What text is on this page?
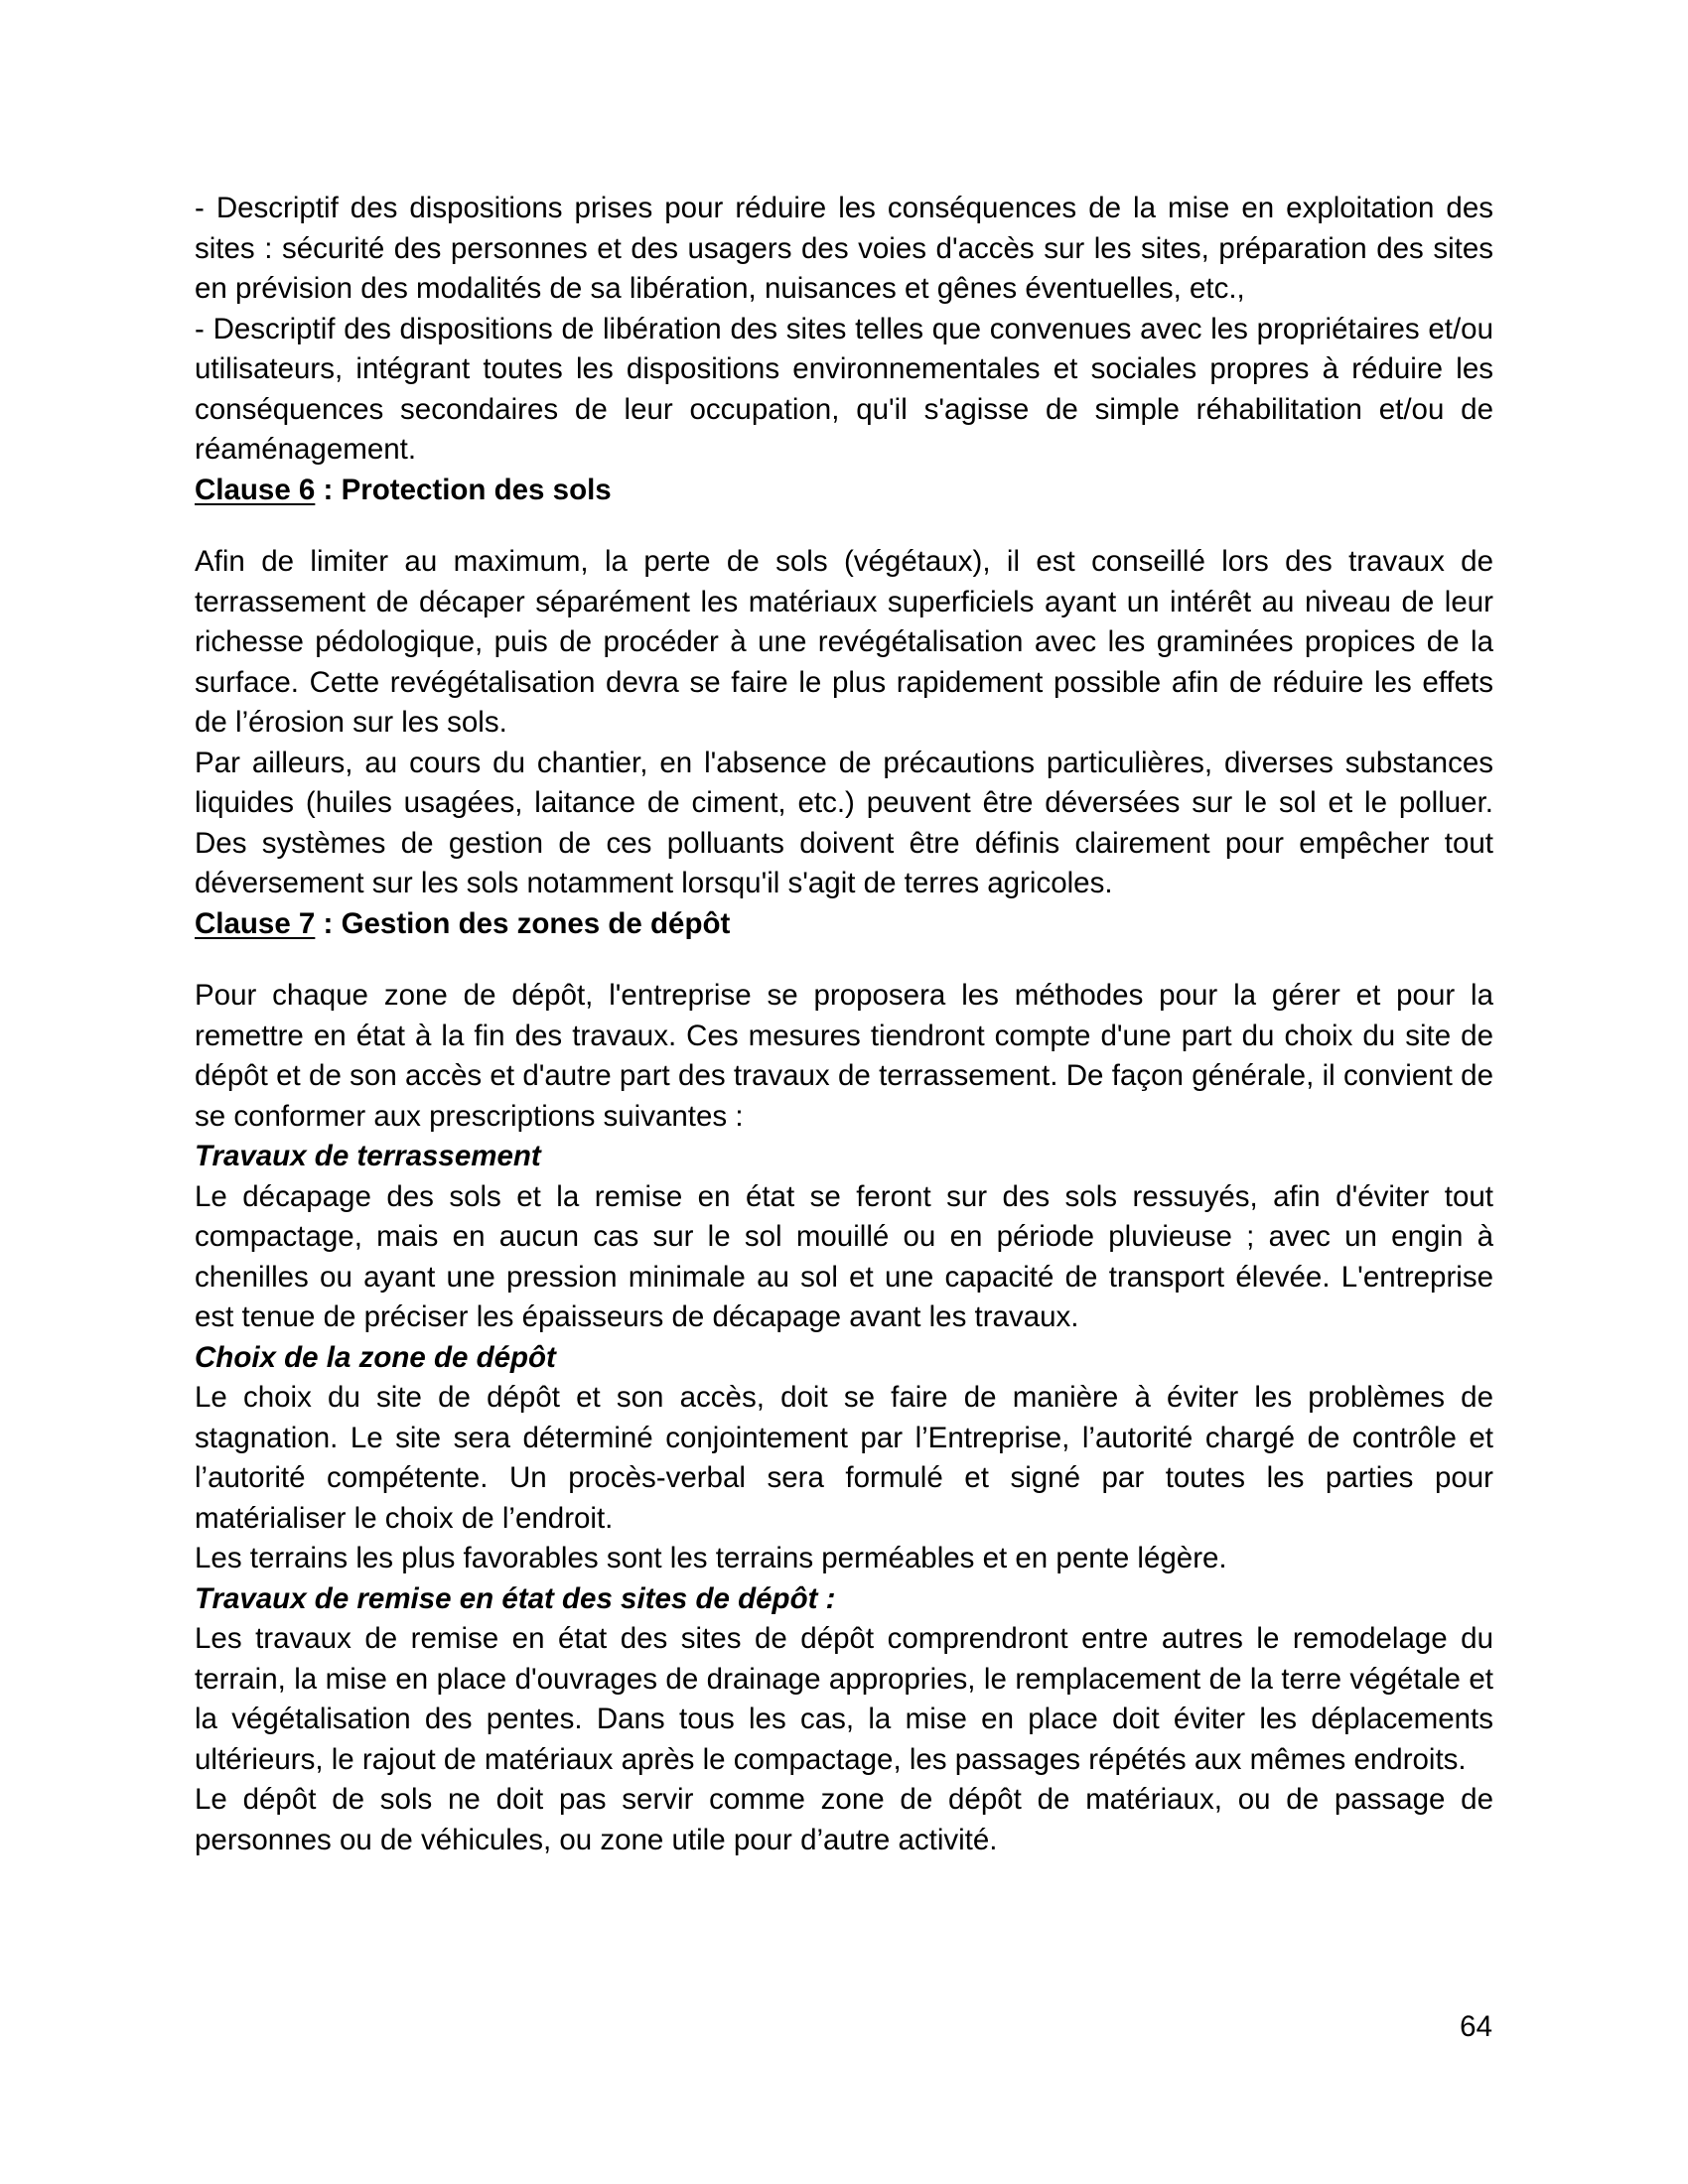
- Descriptif des dispositions prises pour réduire les conséquences de la mise en exploitation des sites : sécurité des personnes et des usagers des voies d'accès sur les sites, préparation des sites en prévision des modalités de sa libération, nuisances et gênes éventuelles, etc.,

- Descriptif des dispositions de libération des sites telles que convenues avec les propriétaires et/ou utilisateurs, intégrant toutes les dispositions environnementales et sociales propres à réduire les conséquences secondaires de leur occupation, qu'il s'agisse de simple réhabilitation et/ou de réaménagement.

Clause 6 : Protection des sols

Afin de limiter au maximum, la perte de sols (végétaux), il est conseillé lors des travaux de terrassement de décaper séparément les matériaux superficiels ayant un intérêt au niveau de leur richesse pédologique, puis de procéder à une revégétalisation avec les graminées propices de la surface. Cette revégétalisation devra se faire le plus rapidement possible afin de réduire les effets de l’érosion sur les sols.

Par ailleurs, au cours du chantier, en l'absence de précautions particulières, diverses substances liquides (huiles usagées, laitance de ciment, etc.) peuvent être déversées sur le sol et le polluer. Des systèmes de gestion de ces polluants doivent être définis clairement pour empêcher tout déversement sur les sols notamment lorsqu'il s'agit de terres agricoles.

Clause 7 : Gestion des zones de dépôt

Pour chaque zone de dépôt, l'entreprise se proposera les méthodes pour la gérer et pour la remettre en état à la fin des travaux. Ces mesures tiendront compte d'une part du choix du site de dépôt et de son accès et d'autre part des travaux de terrassement. De façon générale, il convient de se conformer aux prescriptions suivantes :

Travaux de terrassement

Le décapage des sols et la remise en état se feront sur des sols ressuyés, afin d'éviter tout compactage, mais en aucun cas sur le sol mouillé ou en période pluvieuse ; avec un engin à chenilles ou ayant une pression minimale au sol et une capacité de transport élevée. L'entreprise est tenue de préciser les épaisseurs de décapage avant les travaux.

Choix de la zone de dépôt

Le choix du site de dépôt et son accès, doit se faire de manière à éviter les problèmes de stagnation. Le site sera déterminé conjointement par l’Entreprise, l’autorité chargé de contrôle et l’autorité compétente. Un procès-verbal sera formulé et signé par toutes les parties pour matérialiser le choix de l’endroit.

Les terrains les plus favorables sont les terrains perméables et en pente légère.

Travaux de remise en état des sites de dépôt :

Les travaux de remise en état des sites de dépôt comprendront entre autres le remodelage du terrain, la mise en place d'ouvrages de drainage appropries, le remplacement de la terre végétale et la végétalisation des pentes. Dans tous les cas, la mise en place doit éviter les déplacements ultérieurs, le rajout de matériaux après le compactage, les passages répétés aux mêmes endroits.

Le dépôt de sols ne doit pas servir comme zone de dépôt de matériaux, ou de passage de personnes ou de véhicules, ou zone utile pour d’autre activité.

64
